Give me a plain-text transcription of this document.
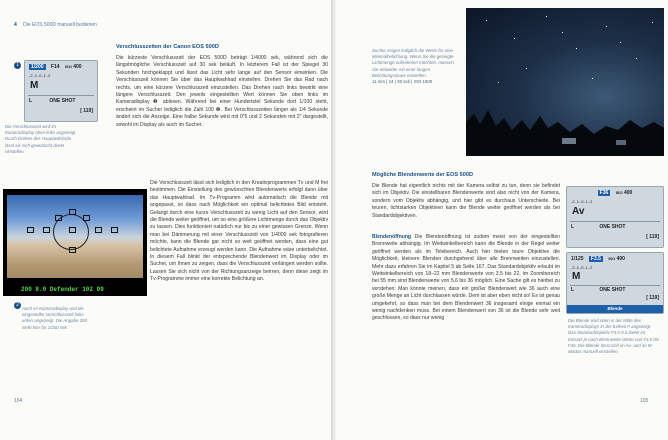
4 Die EOS 500D manuell bedienen
1/200 F14 ISO 400
-2..1..0..1..2
M
L	ONE SHOT
[ 119]
1
Die Verschlusszeit wird im Kameradisplay oben links angezeigt. Durch Drehen des Hauptwahlrads lässt sie sich gewünscht direkt einstellen.
200 8.0 Defender 102 99
2
Auch im Kameradisplay und die eingestellte Verschlusszeit links unten angezeigt. Die Angabe 200 steht hier für 1/200 sek.
Verschlusszeiten der Canon EOS 500D

Die kürzeste Verschlusszeit der EOS 500D beträgt 1/4000 sek, während sich die längstmögliche Verschlusszeit auf 30 sek beläuft. In letzterem Fall ist der Spiegel 30 Sekunden hochgeklappt und lässt das Licht sehr lange auf den Sensor einwirken. Die Verschlusszeit können Sie über das Hauptwahlrad einstellen. Drehen Sie das Rad nach rechts, um eine kürzere Verschlusszeit einzustellen. Das Drehen nach links bewirkt eine längere Verschlusszeit. Den jeweils eingestellten Wert können Sie oben links im Kameradisplay ❶ ablesen. Während bei einer Hundertstel Sekunde dort 1/100 steht, erscheint im Sucher lediglich die Zahl 100 ❷. Bei Verschlusszeiten länger als 1/4 Sekunde ändert sich die Anzeige. Eine halbe Sekunde wird mit 0"5 und 2 Sekunden mit 2" dargestellt, sowohl im Display als auch im Sucher.

Die Verschlusszeit lässt sich lediglich in den Kreativprogrammen Tv und M frei bestimmen. Die Einstellung des gewünschten Blendenwerts erfolgt dann über das Hauptwahlrad. Im Tv-Programm wird automatisch die Blende mit angepasst, so dass nach Möglichkeit ein optimal belichtetes Bild entsteht. Gelangt durch eine kurze Verschlusszeit zu wenig Licht auf den Sensor, wird die Blende weiter geöffnet, um so eine größere Lichtmenge durch das Objektiv zu lassen. Dies funktioniert natürlich nur bis zu einer gewissen Grenze. Wenn man bei Dämmerung mit einer Verschlusszeit von 1/4000 sek fotografieren möchte, kann die Blende gar nicht so weit geöffnet werden, dass eine gut belichtete Aufnahme erzeugt werden kann. Die Aufnahme wäre unterbelichtet. In diesem Fall blinkt der entsprechende Blendenwert im Display oder im Sucher, um Ihnen zu zeigen, dass die Verschlusszeit verlängert werden sollte. Lassen Sie sich nicht von der Richtungsanzeige beirren, denn diese zeigt im Tv-Programme immer eine korrekte Belichtung an.

104
Sucher zeigen lediglich die Werte für eine Minimalbelichtung. Wenn Sie die gezeigte Lichtmenge aufnehmen möchten, müssen Sie entweder mit einer langen Belichtungsdauer einstellen.
11 mm | 24 | 30 sek | ISO 1600
Mögliche Blendenwerte der EOS 500D

Die Blende hat eigentlich nichts mit der Kamera selbst zu tun, denn sie befindet sich im Objektiv. Die einstellbaren Blendenwerte sind also nicht von der Kamera, sondern vom Objektiv abhängig, und hier gibt es durchaus Unterschiede. Bei teuren, lichtstarken Objektiven kann die Blende weiter geöffnet werden als bei Standardobjektiven.

Blendenöffnung Die Blendenöffnung ist zudem meist von der eingestellten Brennweite abhängig. Im Weitwinkelbereich kann die Blende in der Regel weiter geöffnet werden als im Telebereich. Auch hier bieten teure Objektive die Möglichkeit, kleinere Blenden durchgehend über alle Brennweiten einzustellen. Mehr dazu erfahren Sie im Kapitel 5 ab Seite 167. Das Standardobjektiv erlaubt im Weitwinkelbereich von 18–22 mm Blendenwerte von 3.5 bis 22, im Zoombereich bei 55 mm sind Blendenwerte von 5.6 bis 36 möglich. Eine Sache gilt es hierbei zu verstehen: Man könnte meinen, dass ein großer Blendenwert wie 36 auch eine große Menge an Licht durchlassen würde. Dem ist aber eben nicht so! Es ist genau umgekehrt, so dass man bei dem Blendenwert 36 insgesamt einige einmal ein wenig nachdenken muss. Bei einem Blendenwert von 36 ist die Blende sehr weit geschlossen, so dass nur wenig
F36 ISO 400
-2..1..0..1..2
Av
L	ONE SHOT
[ 119]
1/125 F3.5 ISO 400
-2..1..0..1..2
M
L	ONE SHOT
[ 119]
Blende
Die Blende wird oben in der Mitte des Kameradisplays in der Einheit F angezeigt. Das Standardobjektiv F3.5-5.6 bietet im Einsatz je nach Brennweite Werte von F3.5 bis F36. Die Blende lässt sich im Av- und im M-Modus manuell einstellen.
105
